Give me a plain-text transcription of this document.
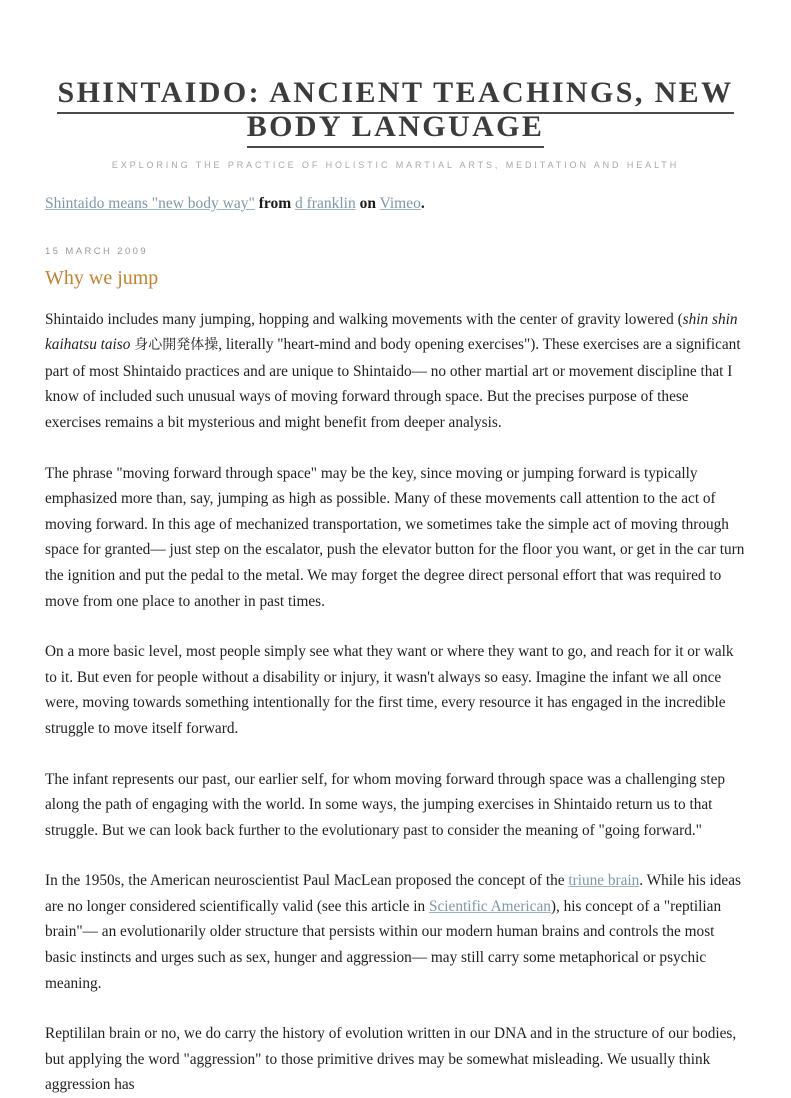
SHINTAIDO: ANCIENT TEACHINGS, NEW BODY LANGUAGE
EXPLORING THE PRACTICE OF HOLISTIC MARTIAL ARTS, MEDITATION AND HEALTH

Shintaido means "new body way" from d franklin on Vimeo.

15 MARCH 2009
Why we jump

Shintaido includes many jumping, hopping and walking movements with the center of gravity lowered (shin shin kaihatsu taiso 身心開発体操, literally "heart-mind and body opening exercises"). These exercises are a significant part of most Shintaido practices and are unique to Shintaido— no other martial art or movement discipline that I know of included such unusual ways of moving forward through space. But the precises purpose of these exercises remains a bit mysterious and might benefit from deeper analysis.

The phrase "moving forward through space" may be the key, since moving or jumping forward is typically emphasized more than, say, jumping as high as possible. Many of these movements call attention to the act of moving forward. In this age of mechanized transportation, we sometimes take the simple act of moving through space for granted— just step on the escalator, push the elevator button for the floor you want, or get in the car turn the ignition and put the pedal to the metal. We may forget the degree direct personal effort that was required to move from one place to another in past times.

On a more basic level, most people simply see what they want or where they want to go, and reach for it or walk to it. But even for people without a disability or injury, it wasn't always so easy. Imagine the infant we all once were, moving towards something intentionally for the first time, every resource it has engaged in the incredible struggle to move itself forward.

The infant represents our past, our earlier self, for whom moving forward through space was a challenging step along the path of engaging with the world. In some ways, the jumping exercises in Shintaido return us to that struggle. But we can look back further to the evolutionary past to consider the meaning of "going forward."

In the 1950s, the American neuroscientist Paul MacLean proposed the concept of the triune brain. While his ideas are no longer considered scientifically valid (see this article in Scientific American), his concept of a "reptilian brain"— an evolutionarily older structure that persists within our modern human brains and controls the most basic instincts and urges such as sex, hunger and aggression— may still carry some metaphorical or psychic meaning.

Reptililan brain or no, we do carry the history of evolution written in our DNA and in the structure of our bodies, but applying the word "aggression" to those primitive drives may be somewhat misleading. We usually think aggression has
